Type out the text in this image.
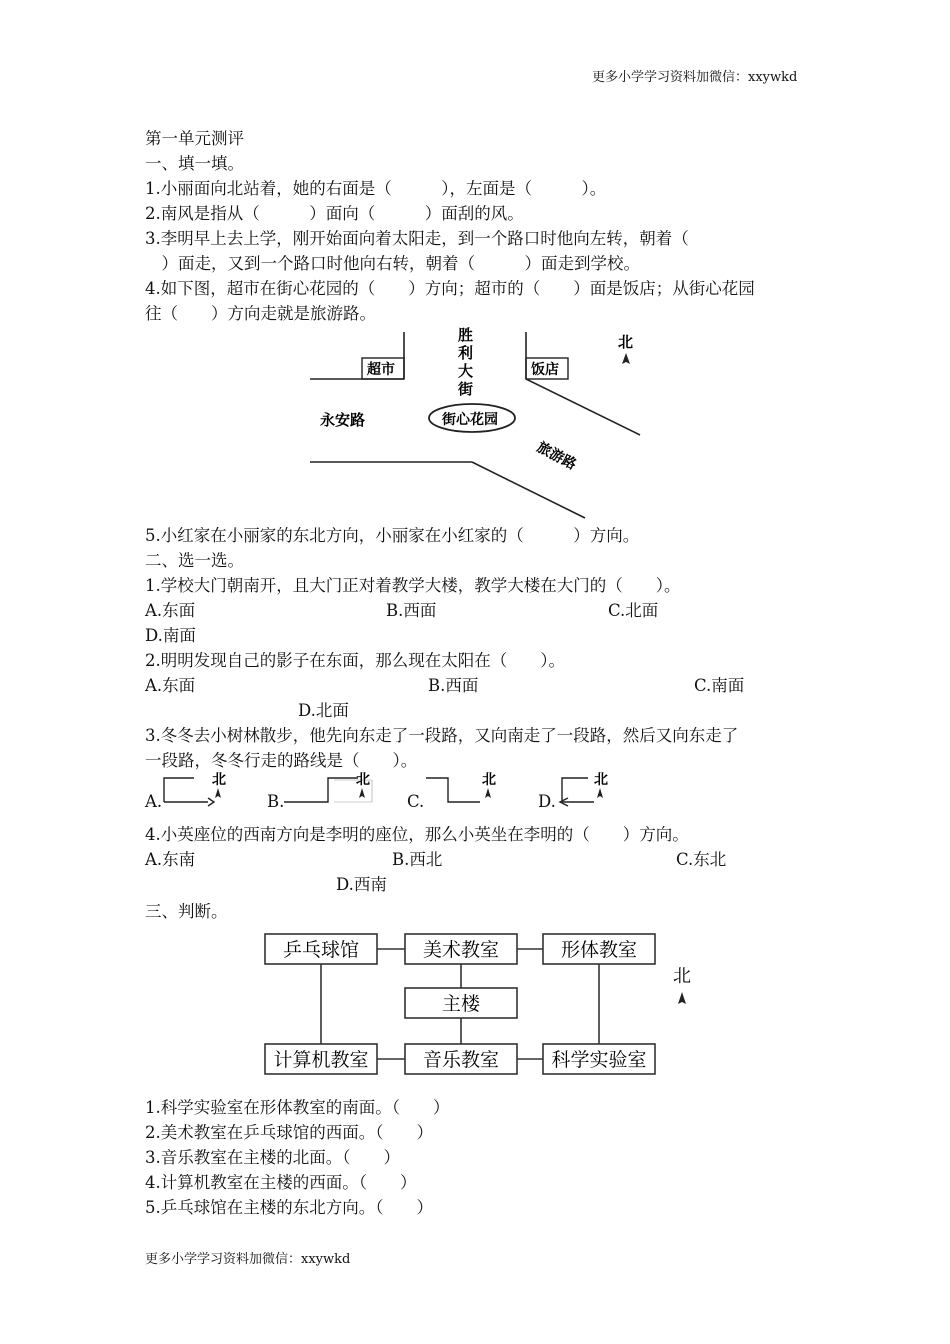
更多小学学习资料加微信：xxywkd
第一单元测评
一、填一填。
1.小丽面向北站着，她的右面是（　　　），左面是（　　　）。
2.南风是指从（　　　）面向（　　　）面刮的风。
3.李明早上去上学，刚开始面向着太阳走，到一个路口时他向左转，朝着（
　）面走，又到一个路口时他向右转，朝着（　　　）面走到学校。
4.如下图，超市在街心花园的（　　）方向；超市的（　　）面是饭店；从街心花园
往（　　）方向走就是旅游路。
胜
利
大
街
超市	饭店
永安路	街心花园
旅游路
北
5.小红家在小丽家的东北方向，小丽家在小红家的（　　　）方向。
二、选一选。
1.学校大门朝南开，且大门正对着教学大楼，教学大楼在大门的（　　）。
A.东面	B.西面	C.北面
D.南面
2.明明发现自己的影子在东面，那么现在太阳在（　　）。
A.东面	B.西面	C.南面
D.北面
3.冬冬去小树林散步，他先向东走了一段路，又向南走了一段路，然后又向东走了
一段路，冬冬行走的路线是（　　）。
A.	B.	C.	D.
北	北	北	北
4.小英座位的西南方向是李明的座位，那么小英坐在李明的（　　）方向。
A.东南	B.西北	C.东北
D.西南
三、判断。
乒乓球馆	美术教室	形体教室
主楼
计算机教室	音乐教室	科学实验室
北
1.科学实验室在形体教室的南面。（　　）
2.美术教室在乒乓球馆的西面。（　　）
3.音乐教室在主楼的北面。（　　）
4.计算机教室在主楼的西面。（　　）
5.乒乓球馆在主楼的东北方向。（　　）
更多小学学习资料加微信：xxywkd
